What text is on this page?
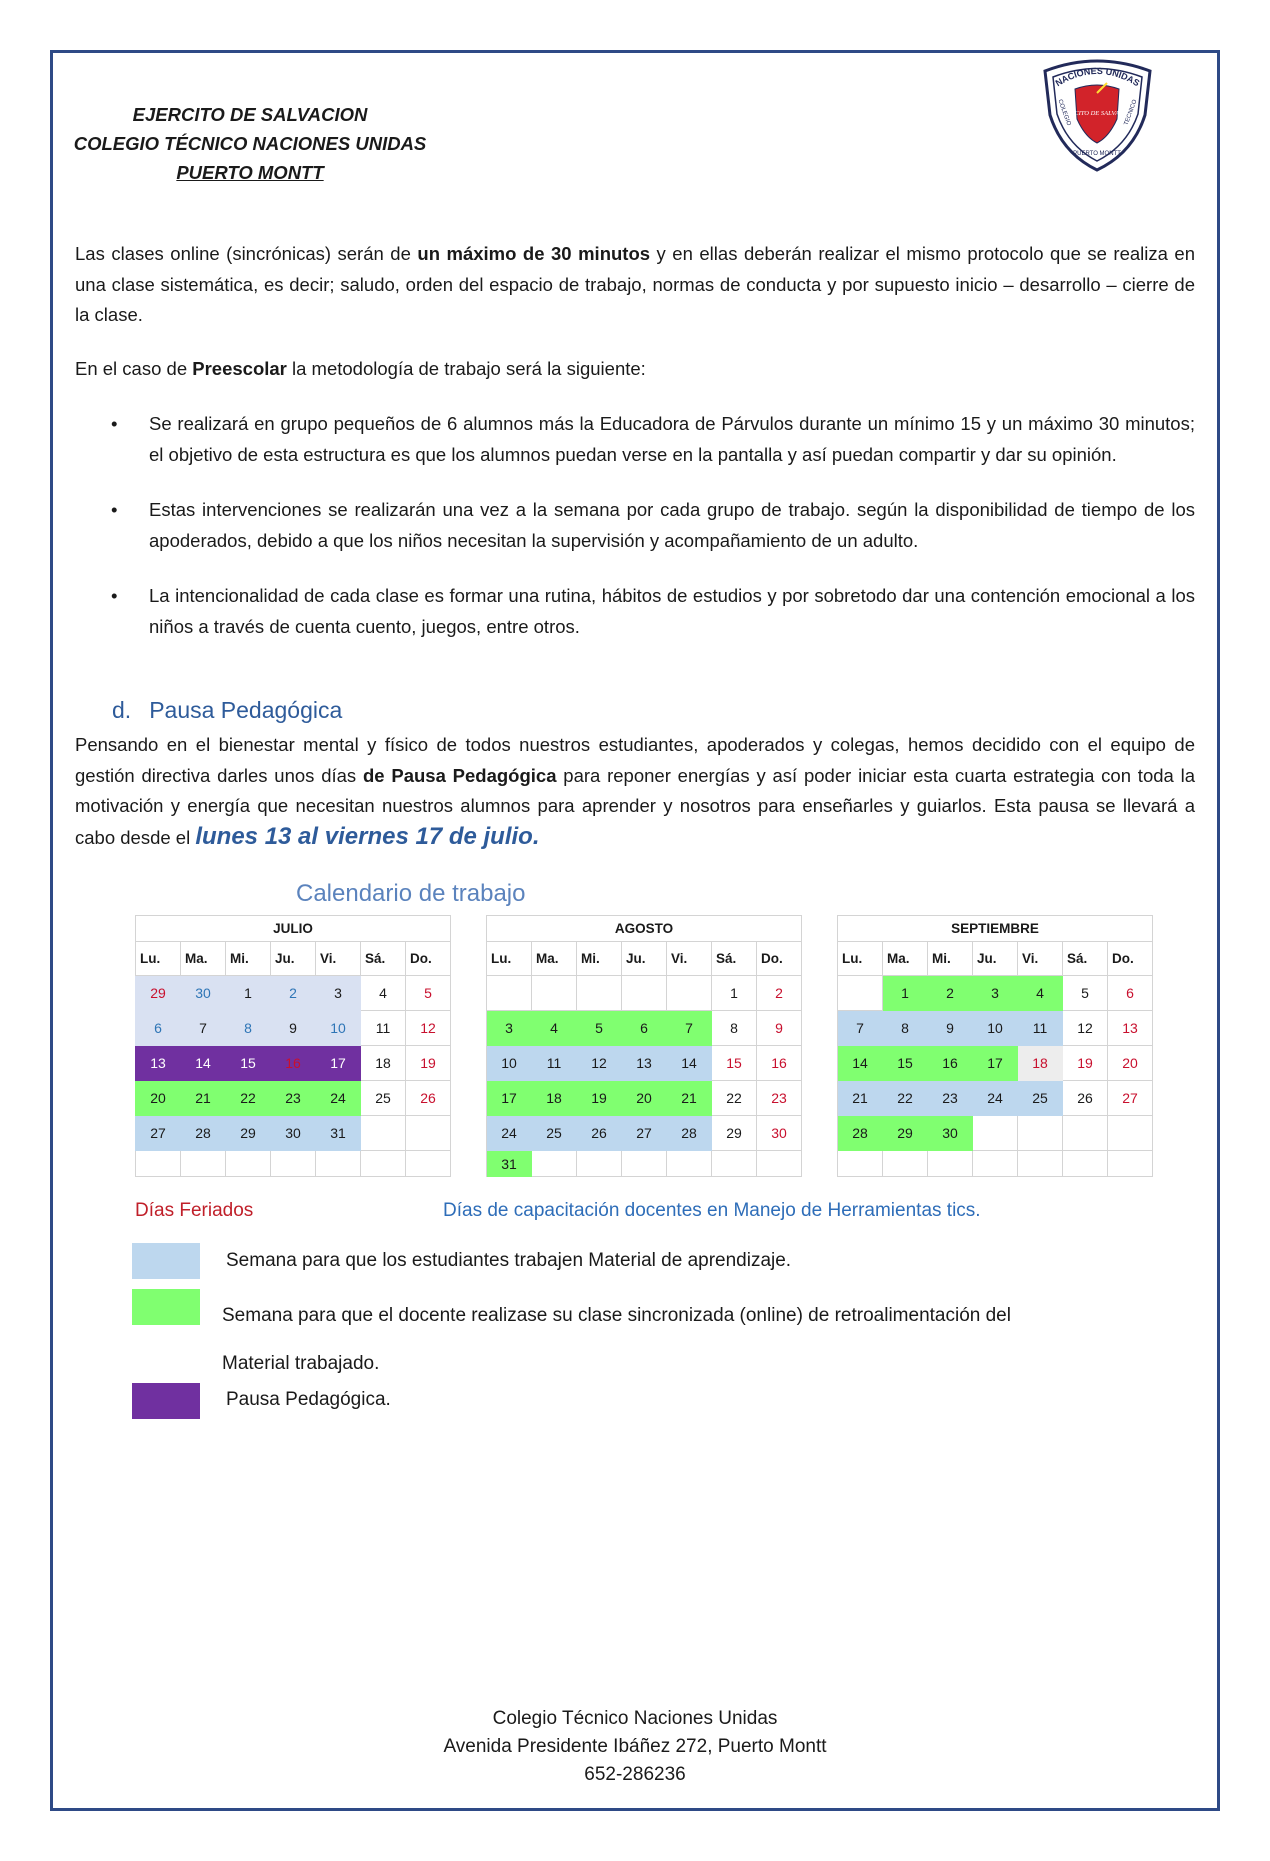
EJERCITO DE SALVACION
COLEGIO TÉCNICO NACIONES UNIDAS
PUERTO MONTT
NACIONES UNIDAS
EJERCITO DE SALVACION
COLEGIO	TECNICO
PUERTO MONTT
Las clases online (sincrónicas) serán de un máximo de 30 minutos y en ellas deberán realizar el mismo protocolo que se realiza en una clase sistemática, es decir; saludo, orden del espacio de trabajo, normas de conducta y por supuesto inicio – desarrollo – cierre de la clase.
En el caso de Preescolar la metodología de trabajo será la siguiente:
• Se realizará en grupo pequeños de 6 alumnos más la Educadora de Párvulos durante un mínimo 15 y un máximo 30 minutos; el objetivo de esta estructura es que los alumnos puedan verse en la pantalla y así puedan compartir y dar su opinión.
• Estas intervenciones se realizarán una vez a la semana por cada grupo de trabajo. según la disponibilidad de tiempo de los apoderados, debido a que los niños necesitan la supervisión y acompañamiento de un adulto.
• La intencionalidad de cada clase es formar una rutina, hábitos de estudios y por sobretodo dar una contención emocional a los niños a través de cuenta cuento, juegos, entre otros.
d. Pausa Pedagógica
Pensando en el bienestar mental y físico de todos nuestros estudiantes, apoderados y colegas, hemos decidido con el equipo de gestión directiva darles unos días de Pausa Pedagógica para reponer energías y así poder iniciar esta cuarta estrategia con toda la motivación y energía que necesitan nuestros alumnos para aprender y nosotros para enseñarles y guiarlos. Esta pausa se llevará a cabo desde el lunes 13 al viernes 17 de julio.
Calendario de trabajo
JULIO								AGOSTO								SEPTIEMBRE						
Lu.	Ma.	Mi.	Ju.	Vi.	Sá.	Do.		Lu.	Ma.	Mi.	Ju.	Vi.	Sá.	Do.		Lu.	Ma.	Mi.	Ju.	Vi.	Sá.	Do.
29	30	1	2	3	4	5							1	2			1	2	3	4	5	6
6	7	8	9	10	11	12		3	4	5	6	7	8	9		7	8	9	10	11	12	13
13	14	15	16	17	18	19		10	11	12	13	14	15	16		14	15	16	17	18	19	20
20	21	22	23	24	25	26		17	18	19	20	21	22	23		21	22	23	24	25	26	27
27	28	29	30	31				24	25	26	27	28	29	30		28	29	30				
								31														
Días Feriados	Días de capacitación docentes en Manejo de Herramientas tics.
Semana para que los estudiantes trabajen Material de aprendizaje.
Semana para que el docente realizase su clase sincronizada (online) de retroalimentación del
Material trabajado.
Pausa Pedagógica.
Colegio Técnico Naciones Unidas
Avenida Presidente Ibáñez 272, Puerto Montt
652-286236
